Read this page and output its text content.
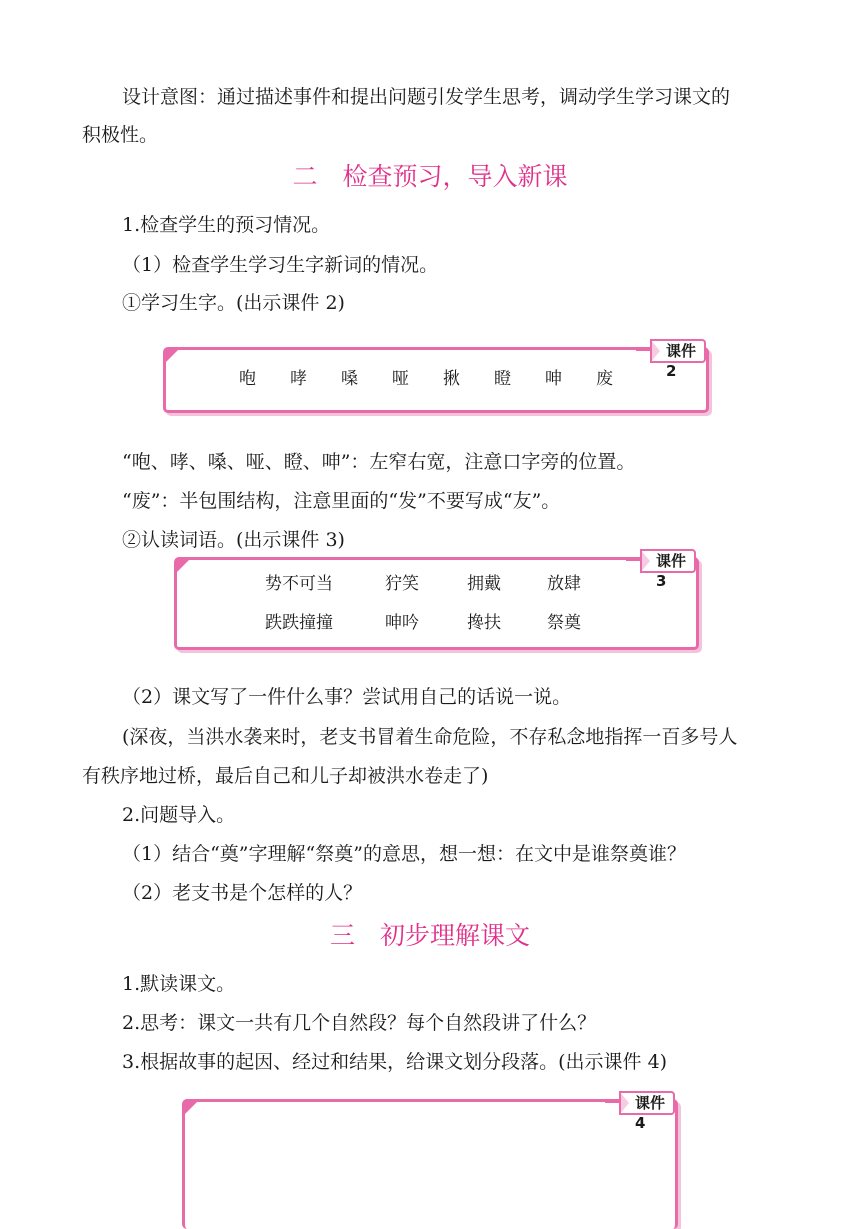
设计意图：通过描述事件和提出问题引发学生思考，调动学生学习课文的
积极性。
二　检查预习，导入新课
1.检查学生的预习情况。
（1）检查学生学习生字新词的情况。
①学习生字。(出示课件 2)
课件2
咆	哮	嗓	哑	揪	瞪	呻	废
“咆、哮、嗓、哑、瞪、呻”：左窄右宽，注意口字旁的位置。
“废”：半包围结构，注意里面的“发”不要写成“友”。
②认读词语。(出示课件 3)
课件3
势不可当	狞笑	拥戴	放肆
跌跌撞撞	呻吟	搀扶	祭奠
（2）课文写了一件什么事？尝试用自己的话说一说。
(深夜，当洪水袭来时，老支书冒着生命危险，不存私念地指挥一百多号人
有秩序地过桥，最后自己和儿子却被洪水卷走了)
2.问题导入。
（1）结合“奠”字理解“祭奠”的意思，想一想：在文中是谁祭奠谁？
（2）老支书是个怎样的人？
三　初步理解课文
1.默读课文。
2.思考：课文一共有几个自然段？每个自然段讲了什么？
3.根据故事的起因、经过和结果，给课文划分段落。(出示课件 4)
课件4
